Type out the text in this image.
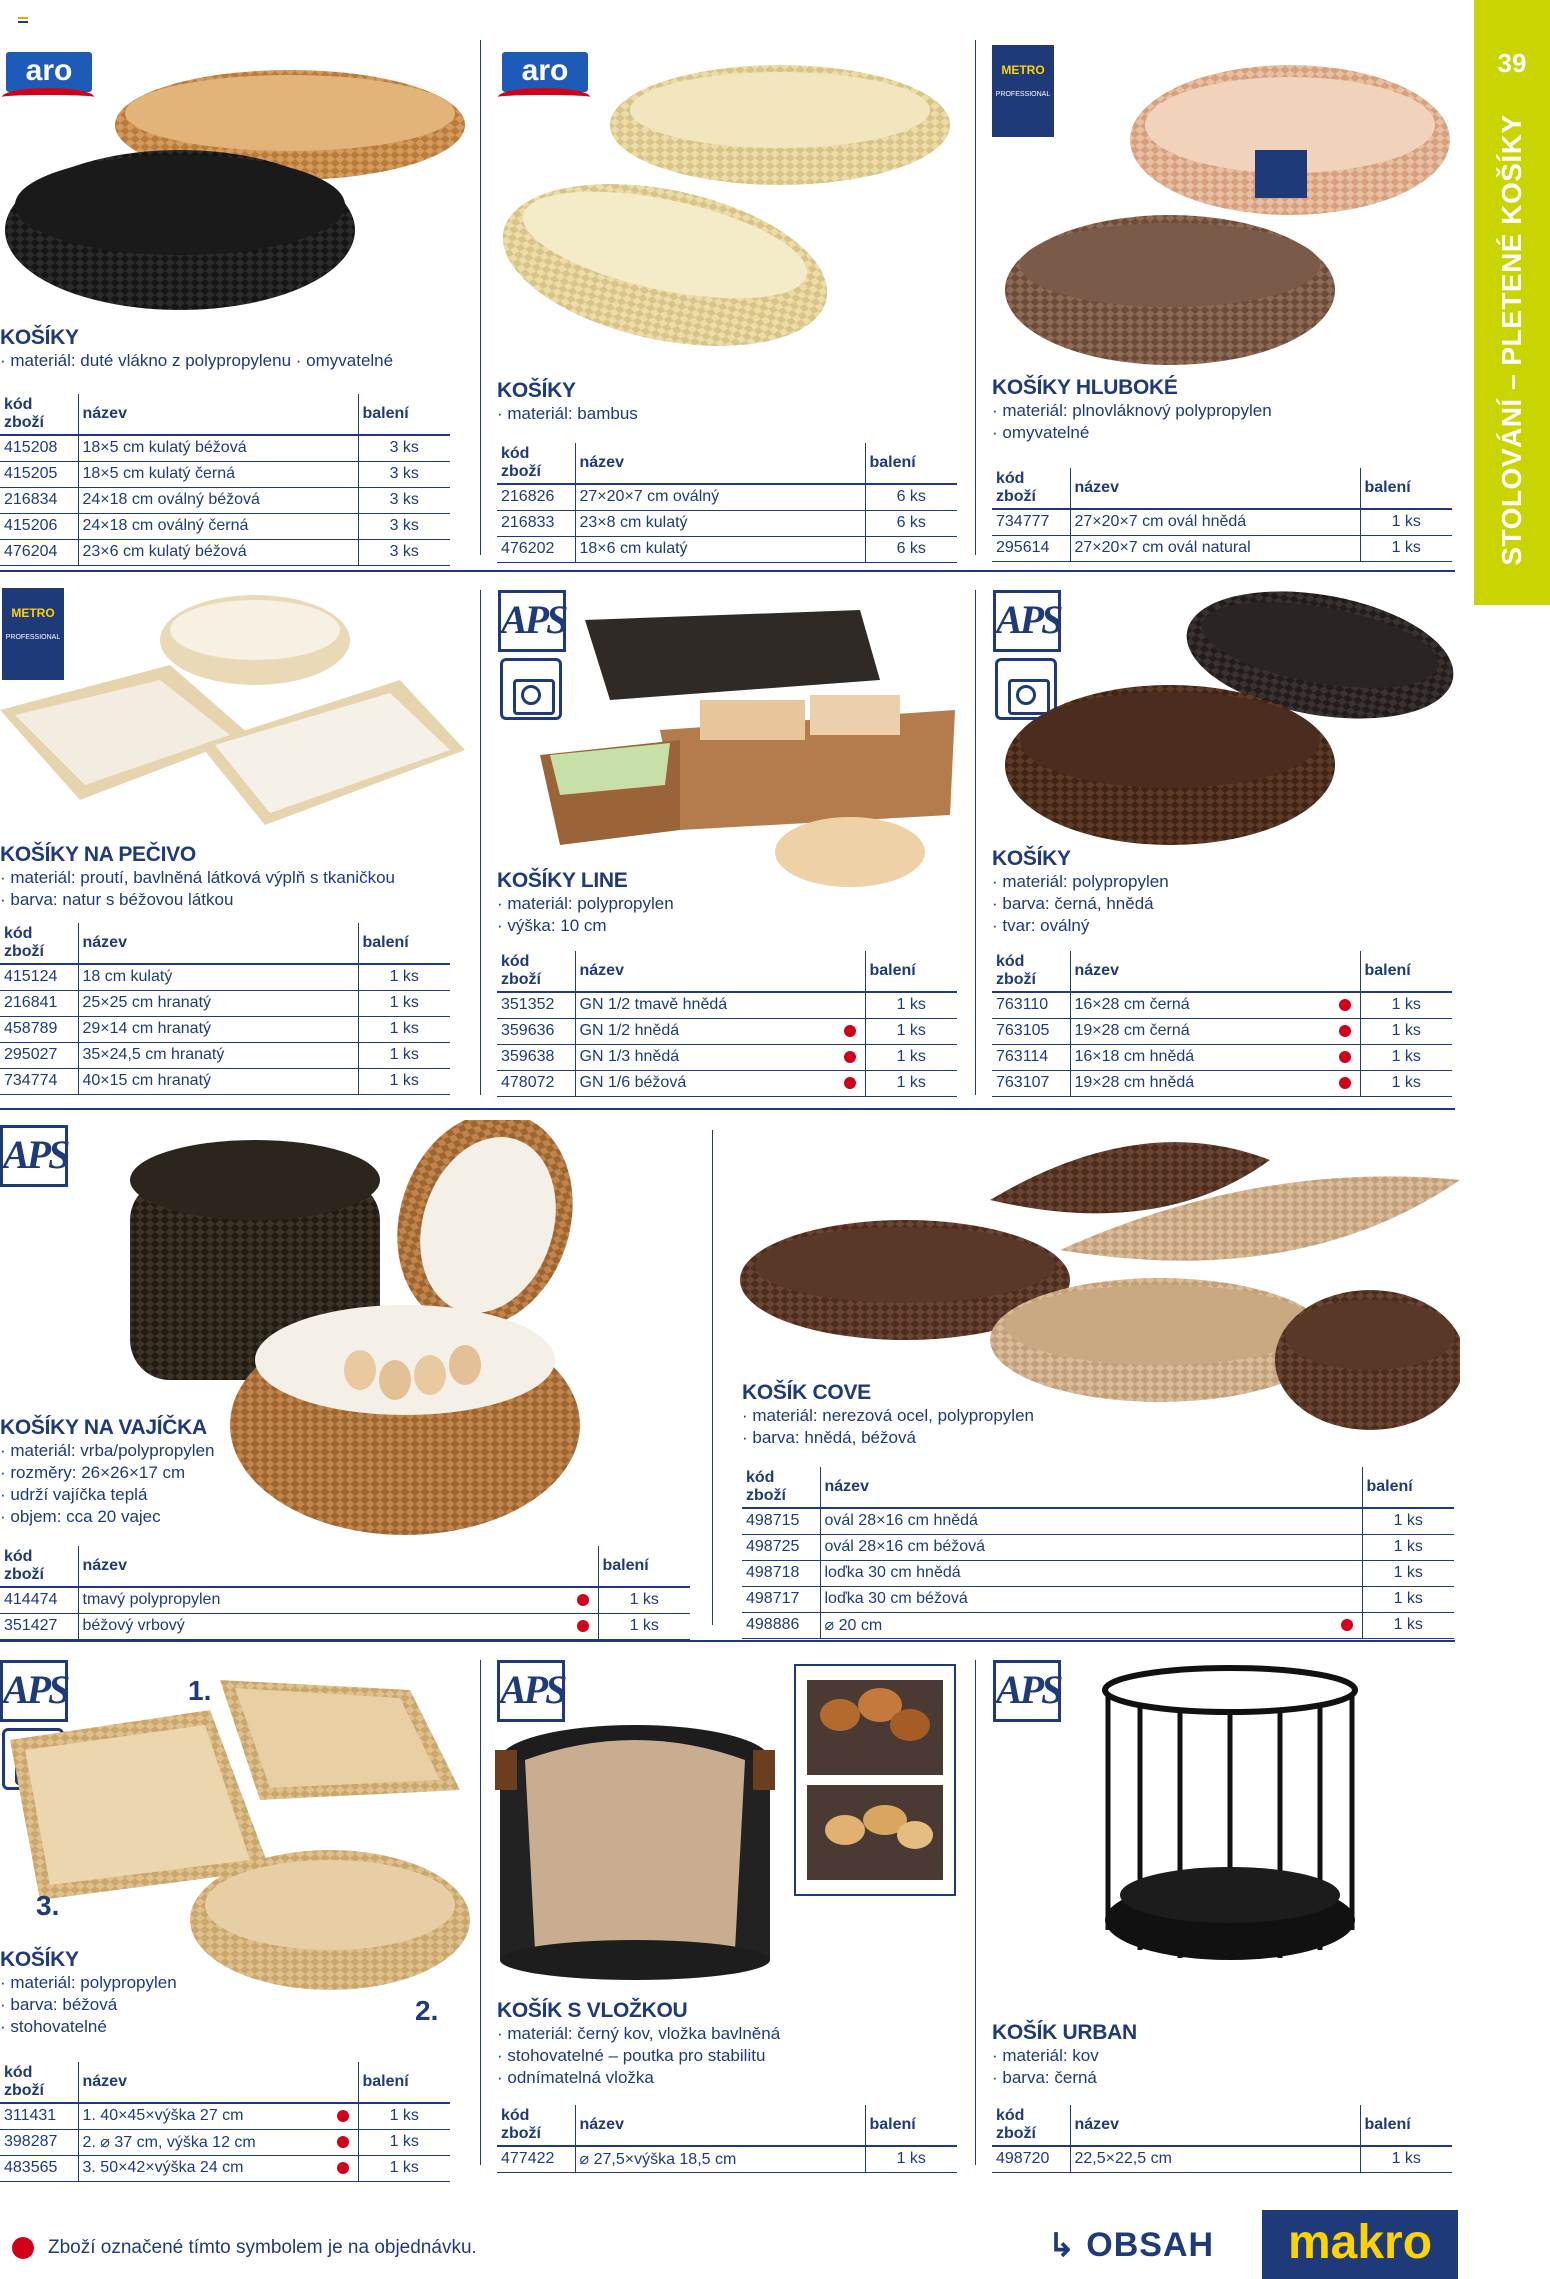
39
STOLOVÁNÍ – PLETENÉ KOŠÍKY
aro
KOŠÍKY
· materiál: duté vlákno z polypropylenu · omyvatelné
kód zboží	název		balení
415208	18×5 cm kulatý béžová		3 ks
415205	18×5 cm kulatý černá		3 ks
216834	24×18 cm oválný béžová		3 ks
415206	24×18 cm oválný černá		3 ks
476204	23×6 cm kulatý béžová		3 ks
aro
KOŠÍKY
· materiál: bambus
kód zboží	název		balení
216826	27×20×7 cm oválný		6 ks
216833	23×8 cm kulatý		6 ks
476202	18×6 cm kulatý		6 ks
METRO
PROFESSIONAL
KOŠÍKY HLUBOKÉ
· materiál: plnovláknový polypropylen
· omyvatelné
kód zboží	název		balení
734777	27×20×7 cm ovál hnědá		1 ks
295614	27×20×7 cm ovál natural		1 ks
METRO
PROFESSIONAL
KOŠÍKY NA PEČIVO
· materiál: proutí, bavlněná látková výplň s tkaničkou
· barva: natur s béžovou látkou
kód zboží	název		balení
415124	18 cm kulatý		1 ks
216841	25×25 cm hranatý		1 ks
458789	29×14 cm hranatý		1 ks
295027	35×24,5 cm hranatý		1 ks
734774	40×15 cm hranatý		1 ks
APS
KOŠÍKY LINE
· materiál: polypropylen
· výška: 10 cm
kód zboží	název		balení
351352	GN 1/2 tmavě hnědá		1 ks
359636	GN 1/2 hnědá		1 ks
359638	GN 1/3 hnědá		1 ks
478072	GN 1/6 béžová		1 ks
APS
KOŠÍKY
· materiál: polypropylen
· barva: černá, hnědá
· tvar: oválný
kód zboží	název		balení
763110	16×28 cm černá		1 ks
763105	19×28 cm černá		1 ks
763114	16×18 cm hnědá		1 ks
763107	19×28 cm hnědá		1 ks
APS
KOŠÍKY NA VAJÍČKA
· materiál: vrba/polypropylen
· rozměry: 26×26×17 cm
· udrží vajíčka teplá
· objem: cca 20 vajec
kód zboží	název		balení
414474	tmavý polypropylen		1 ks
351427	béžový vrbový		1 ks
KOŠÍK COVE
· materiál: nerezová ocel, polypropylen
· barva: hnědá, béžová
kód zboží	název		balení
498715	ovál 28×16 cm hnědá		1 ks
498725	ovál 28×16 cm béžová		1 ks
498718	loďka 30 cm hnědá		1 ks
498717	loďka 30 cm béžová		1 ks
498886	⌀ 20 cm		1 ks
APS	1.
2.
3.
KOŠÍKY
· materiál: polypropylen
· barva: béžová
· stohovatelné
kód zboží	název		balení
311431	1. 40×45×výška 27 cm		1 ks
398287	2. ⌀ 37 cm, výška 12 cm		1 ks
483565	3. 50×42×výška 24 cm		1 ks
APS
KOŠÍK S VLOŽKOU
· materiál: černý kov, vložka bavlněná
· stohovatelné – poutka pro stabilitu
· odnímatelná vložka
kód zboží	název		balení
477422	⌀ 27,5×výška 18,5 cm		1 ks
APS
KOŠÍK URBAN
· materiál: kov
· barva: černá
kód zboží	název		balení
498720	22,5×22,5 cm		1 ks
Zboží označené tímto symbolem je na objednávku.	↳ OBSAH	makro
